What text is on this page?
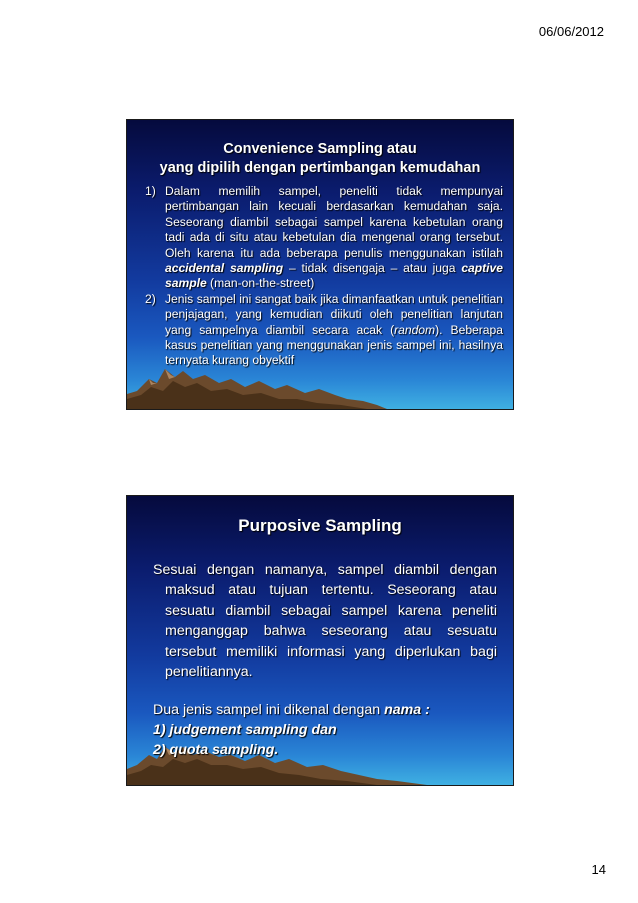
06/06/2012
Convenience Sampling atau
yang dipilih dengan pertimbangan kemudahan
1) Dalam memilih sampel, peneliti tidak mempunyai pertimbangan lain kecuali berdasarkan kemudahan saja. Seseorang diambil sebagai sampel karena kebetulan orang tadi ada di situ atau kebetulan dia mengenal orang tersebut. Oleh karena itu ada beberapa penulis menggunakan istilah accidental sampling – tidak disengaja – atau juga captive sample (man-on-the-street)
2) Jenis sampel ini sangat baik jika dimanfaatkan untuk penelitian penjajagan, yang kemudian diikuti oleh penelitian lanjutan yang sampelnya diambil secara acak (random). Beberapa kasus penelitian yang menggunakan jenis sampel ini, hasilnya ternyata kurang obyektif
Purposive Sampling
Sesuai dengan namanya, sampel diambil dengan maksud atau tujuan tertentu. Seseorang atau sesuatu diambil sebagai sampel karena peneliti menganggap bahwa seseorang atau sesuatu tersebut memiliki informasi yang diperlukan bagi penelitiannya.
Dua jenis sampel ini dikenal dengan nama :
1) judgement sampling dan
2) quota sampling.
14
